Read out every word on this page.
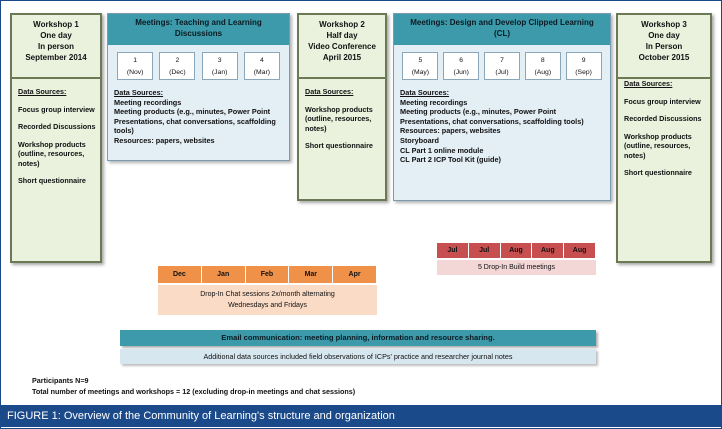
Workshop 1
One day
In person
September 2014
Data Sources:
Focus group interview
Recorded Discussions
Workshop products (outline, resources, notes)
Short questionnaire
Meetings: Teaching and Learning
Discussions
1
(Nov)
2
(Dec)
3
(Jan)
4
(Mar)
Data Sources:
Meeting recordings
Meeting products (e.g., minutes, Power Point Presentations, chat conversations, scaffolding tools)
Resources: papers, websites
Workshop 2
Half day
Video Conference
April 2015
Data Sources:
Workshop products (outline, resources, notes)
Short questionnaire
Meetings: Design and Develop Clipped Learning
(CL)
5
(May)
6
(Jun)
7
(Jul)
8
(Aug)
9
(Sep)
Data Sources:
Meeting recordings
Meeting products (e.g., minutes, Power Point Presentations, chat conversations, scaffolding tools)
Resources: papers, websites
Storyboard
CL Part 1 online module
CL Part 2 ICP Tool Kit (guide)
Workshop 3
One day
In Person
October 2015
Data Sources:
Focus group interview
Recorded Discussions
Workshop products (outline, resources, notes)
Short questionnaire
Jul	Jul	Aug	Aug	Aug
5 Drop-In Build meetings
Dec	Jan	Feb	Mar	Apr
Drop-In Chat sessions 2x/month alternating
Wednesdays and Fridays
Email communication: meeting planning, information and resource sharing.
Additional data sources included field observations of ICPs' practice and researcher journal notes
Participants N=9
Total number of meetings and workshops = 12 (excluding drop-in meetings and chat sessions)
FIGURE 1: Overview of the Community of Learning's structure and organization
